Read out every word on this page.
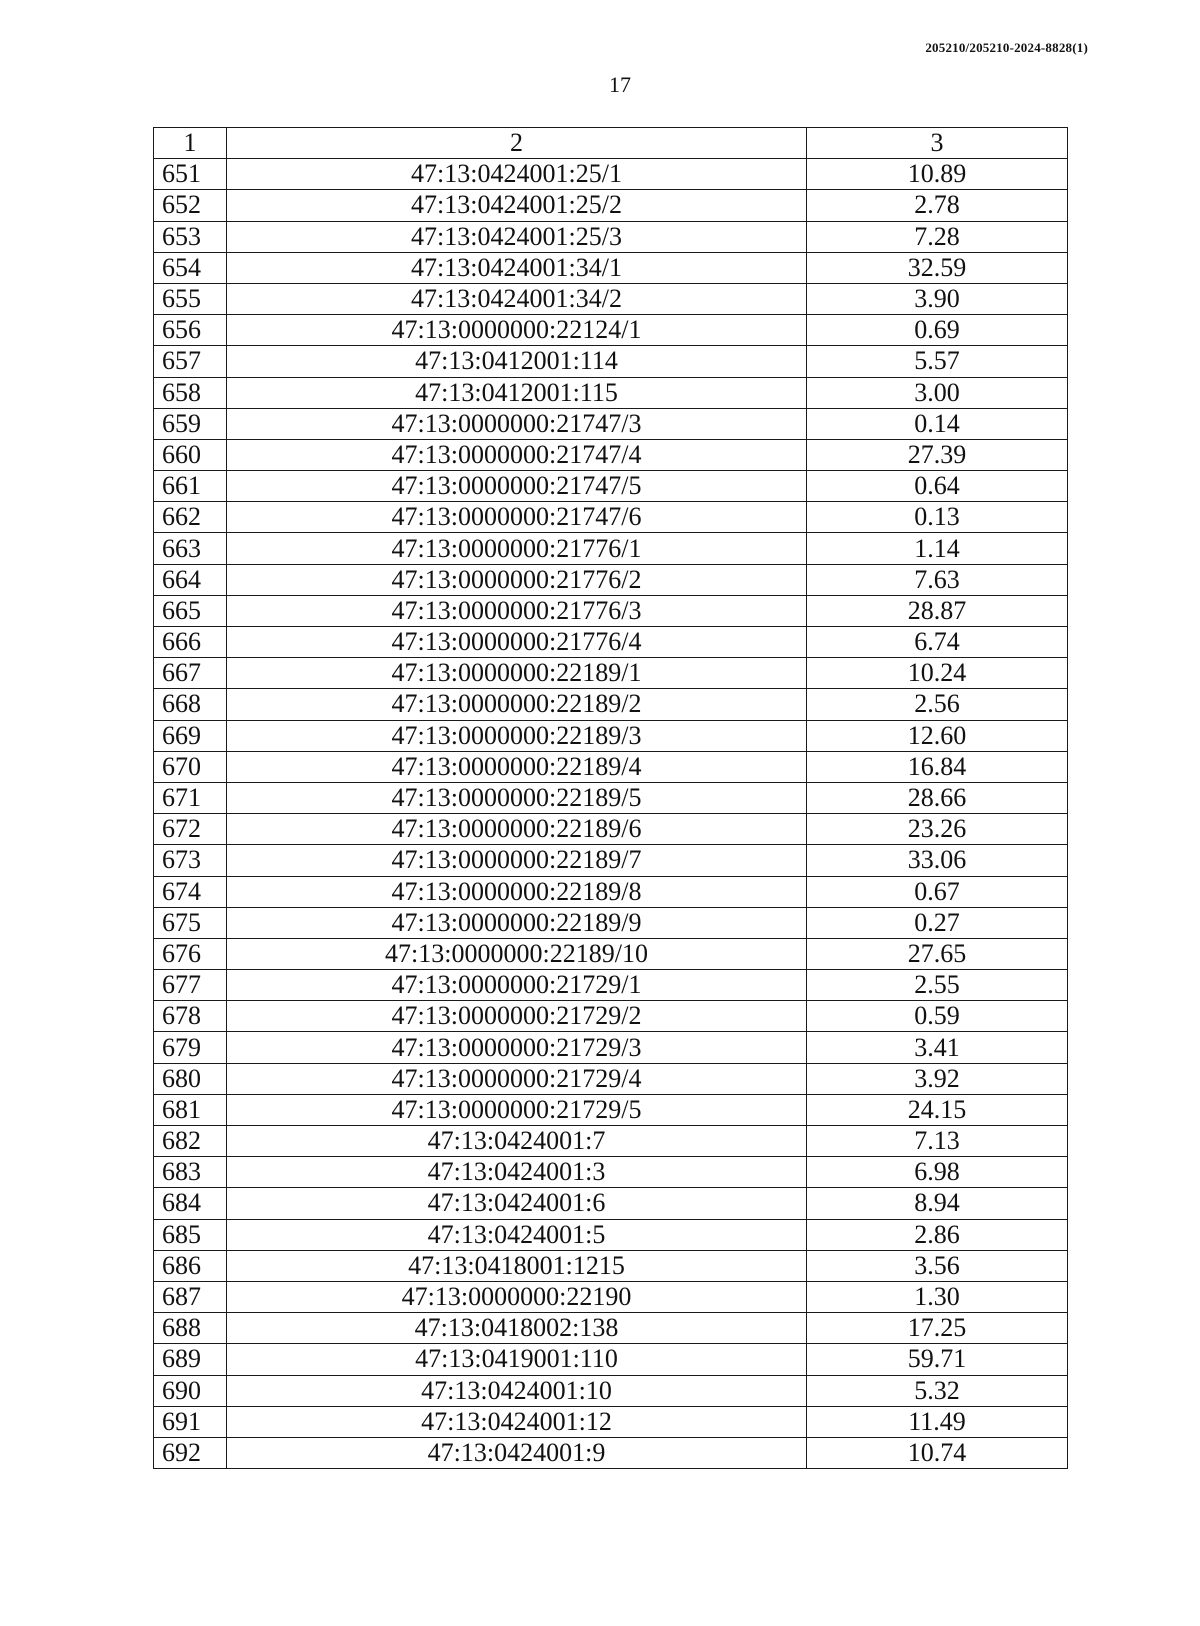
205210/205210-2024-8828(1)
17
1	2	3
651	47:13:0424001:25/1	10.89
652	47:13:0424001:25/2	2.78
653	47:13:0424001:25/3	7.28
654	47:13:0424001:34/1	32.59
655	47:13:0424001:34/2	3.90
656	47:13:0000000:22124/1	0.69
657	47:13:0412001:114	5.57
658	47:13:0412001:115	3.00
659	47:13:0000000:21747/3	0.14
660	47:13:0000000:21747/4	27.39
661	47:13:0000000:21747/5	0.64
662	47:13:0000000:21747/6	0.13
663	47:13:0000000:21776/1	1.14
664	47:13:0000000:21776/2	7.63
665	47:13:0000000:21776/3	28.87
666	47:13:0000000:21776/4	6.74
667	47:13:0000000:22189/1	10.24
668	47:13:0000000:22189/2	2.56
669	47:13:0000000:22189/3	12.60
670	47:13:0000000:22189/4	16.84
671	47:13:0000000:22189/5	28.66
672	47:13:0000000:22189/6	23.26
673	47:13:0000000:22189/7	33.06
674	47:13:0000000:22189/8	0.67
675	47:13:0000000:22189/9	0.27
676	47:13:0000000:22189/10	27.65
677	47:13:0000000:21729/1	2.55
678	47:13:0000000:21729/2	0.59
679	47:13:0000000:21729/3	3.41
680	47:13:0000000:21729/4	3.92
681	47:13:0000000:21729/5	24.15
682	47:13:0424001:7	7.13
683	47:13:0424001:3	6.98
684	47:13:0424001:6	8.94
685	47:13:0424001:5	2.86
686	47:13:0418001:1215	3.56
687	47:13:0000000:22190	1.30
688	47:13:0418002:138	17.25
689	47:13:0419001:110	59.71
690	47:13:0424001:10	5.32
691	47:13:0424001:12	11.49
692	47:13:0424001:9	10.74
